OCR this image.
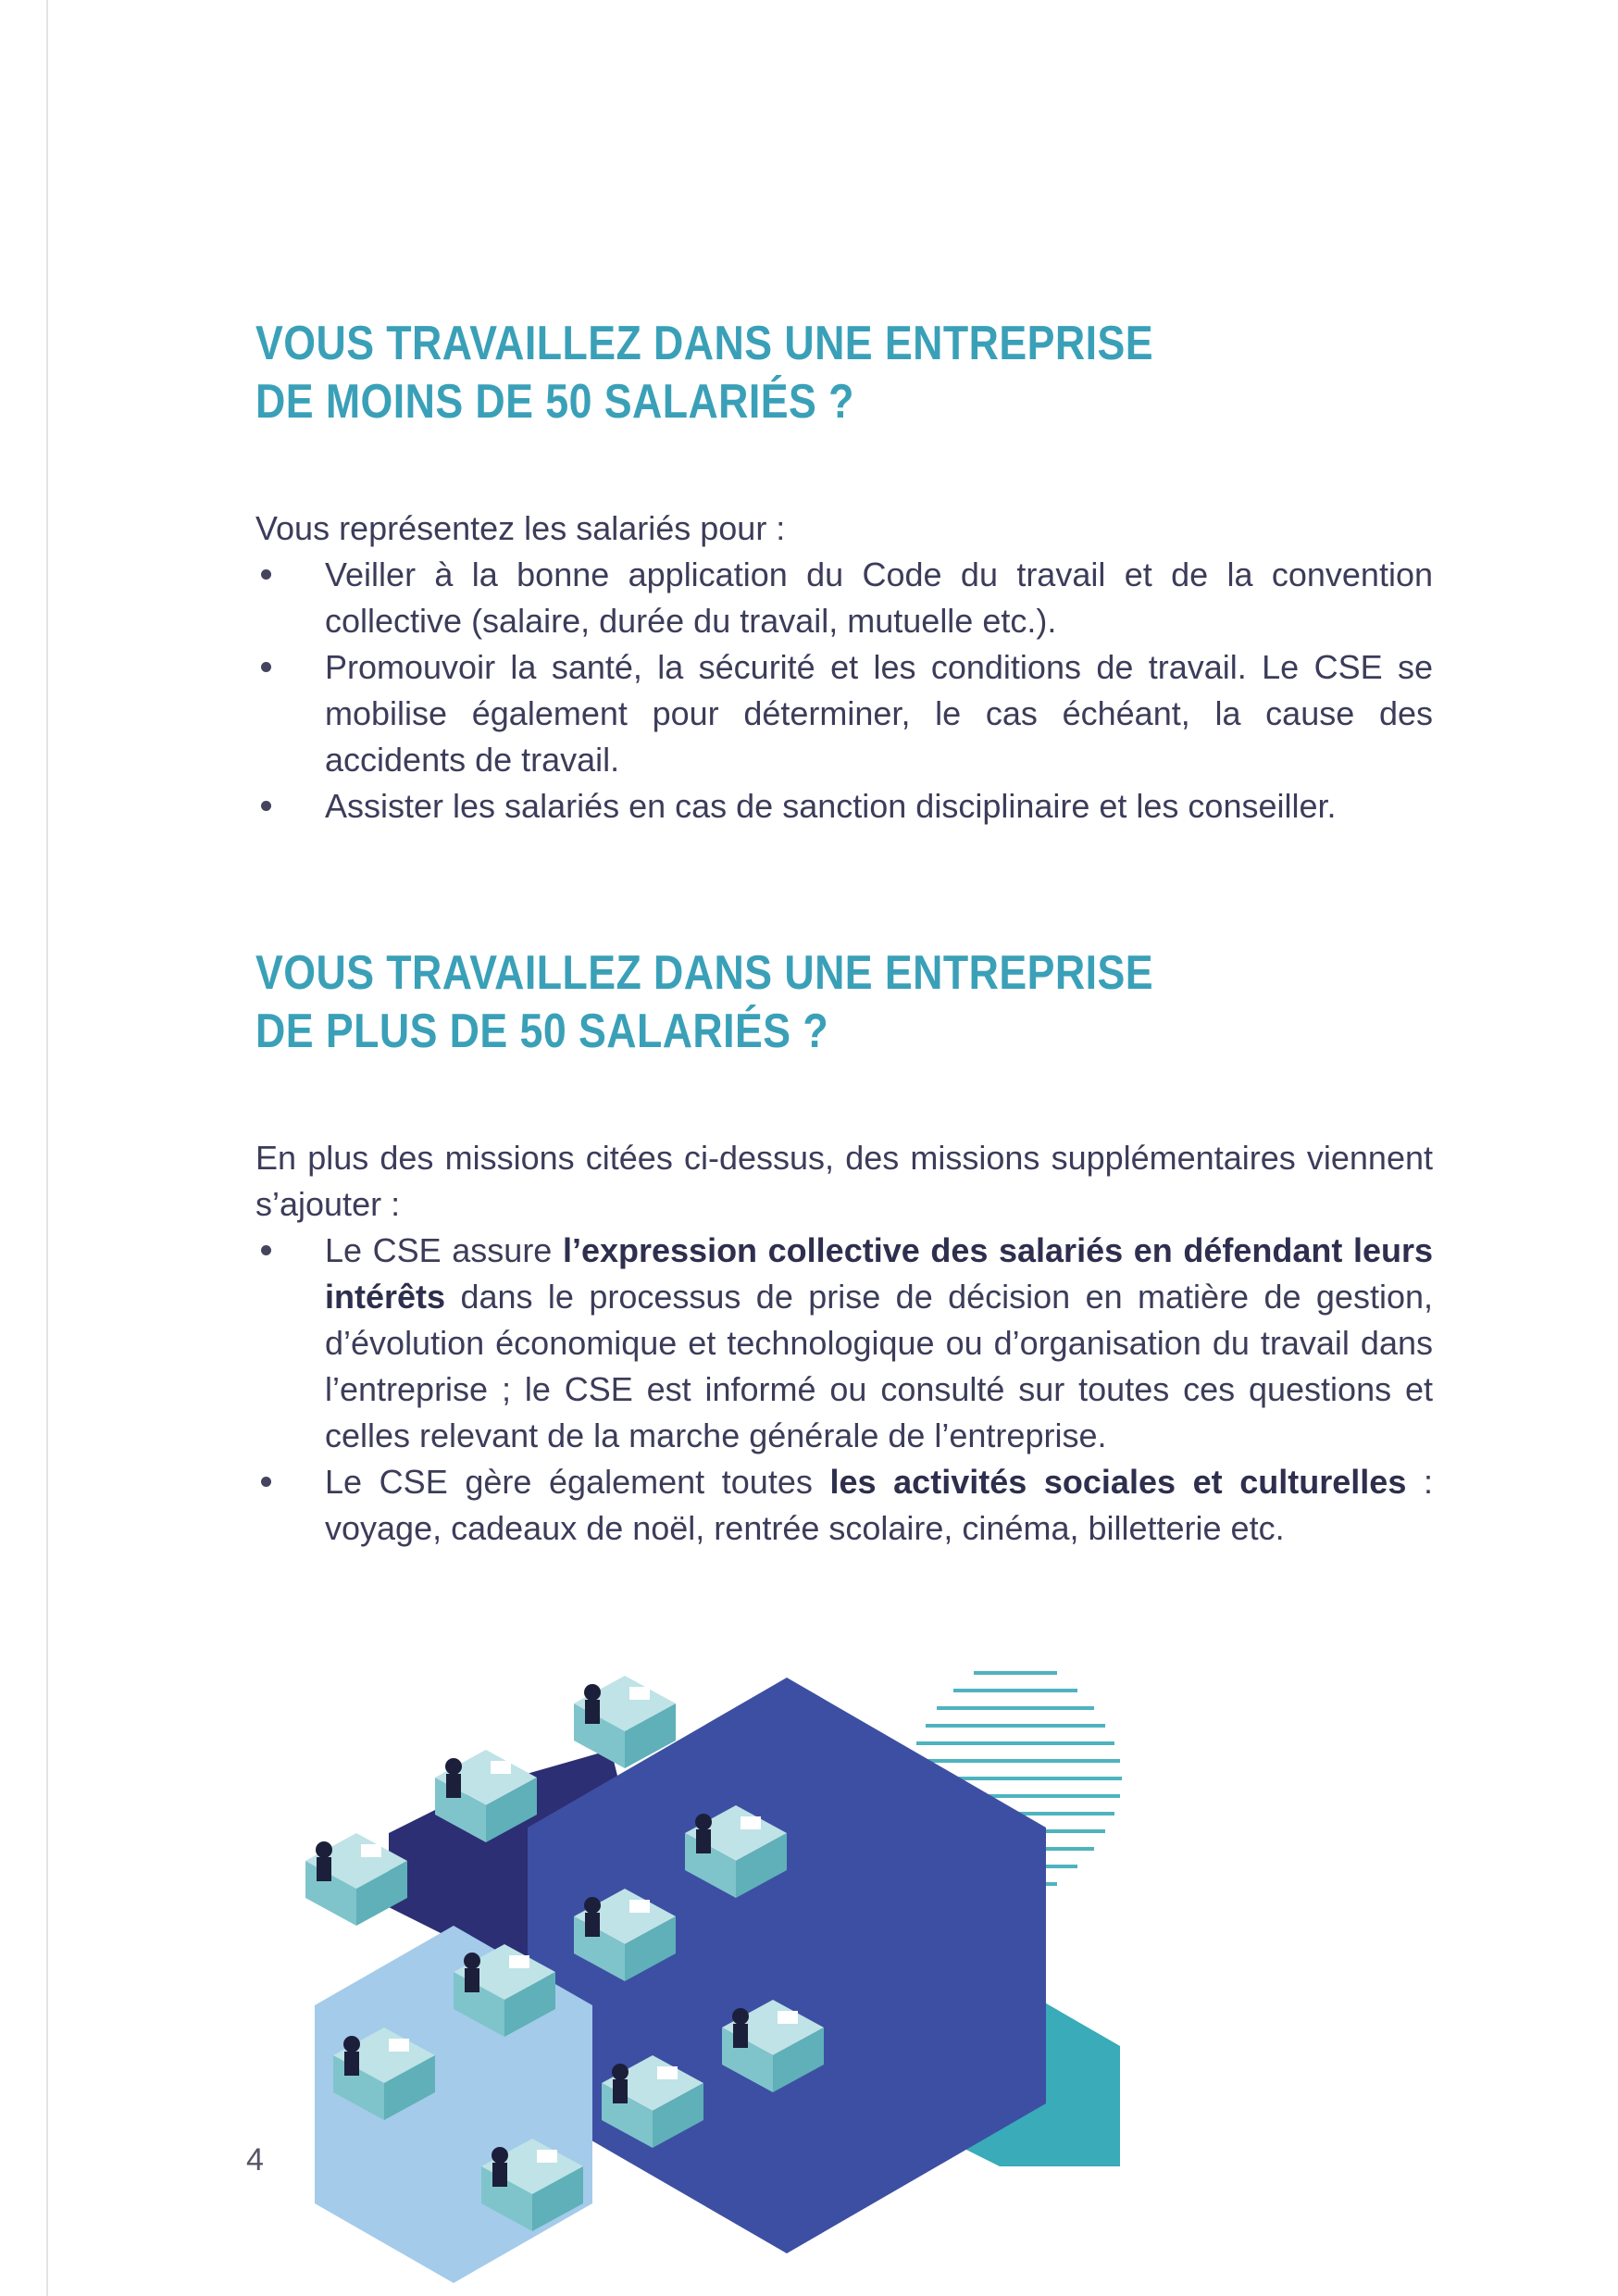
VOUS TRAVAILLEZ DANS UNE ENTREPRISE
DE MOINS DE 50 SALARIÉS ?

Vous représentez les salariés pour :

Veiller à la bonne application du Code du travail et de la convention collective (salaire, durée du travail, mutuelle etc.).
Promouvoir la santé, la sécurité et les conditions de travail. Le CSE se mobilise également pour déterminer, le cas échéant, la cause des accidents de travail.
Assister les salariés en cas de sanction disciplinaire et les conseiller.
VOUS TRAVAILLEZ DANS UNE ENTREPRISE
DE PLUS DE 50 SALARIÉS ?

En plus des missions citées ci-dessus, des missions supplémentaires viennent s’ajouter :

Le CSE assure l’expression collective des salariés en défendant leurs intérêts dans le processus de prise de décision en matière de gestion, d’évolution économique et technologique ou d’organisation du travail dans l’entreprise ; le CSE est informé ou consulté sur toutes ces questions et celles relevant de la marche générale de l’entreprise.
Le CSE gère également toutes les activités sociales et culturelles : voyage, cadeaux de noël, rentrée scolaire, cinéma, billetterie etc.
4
